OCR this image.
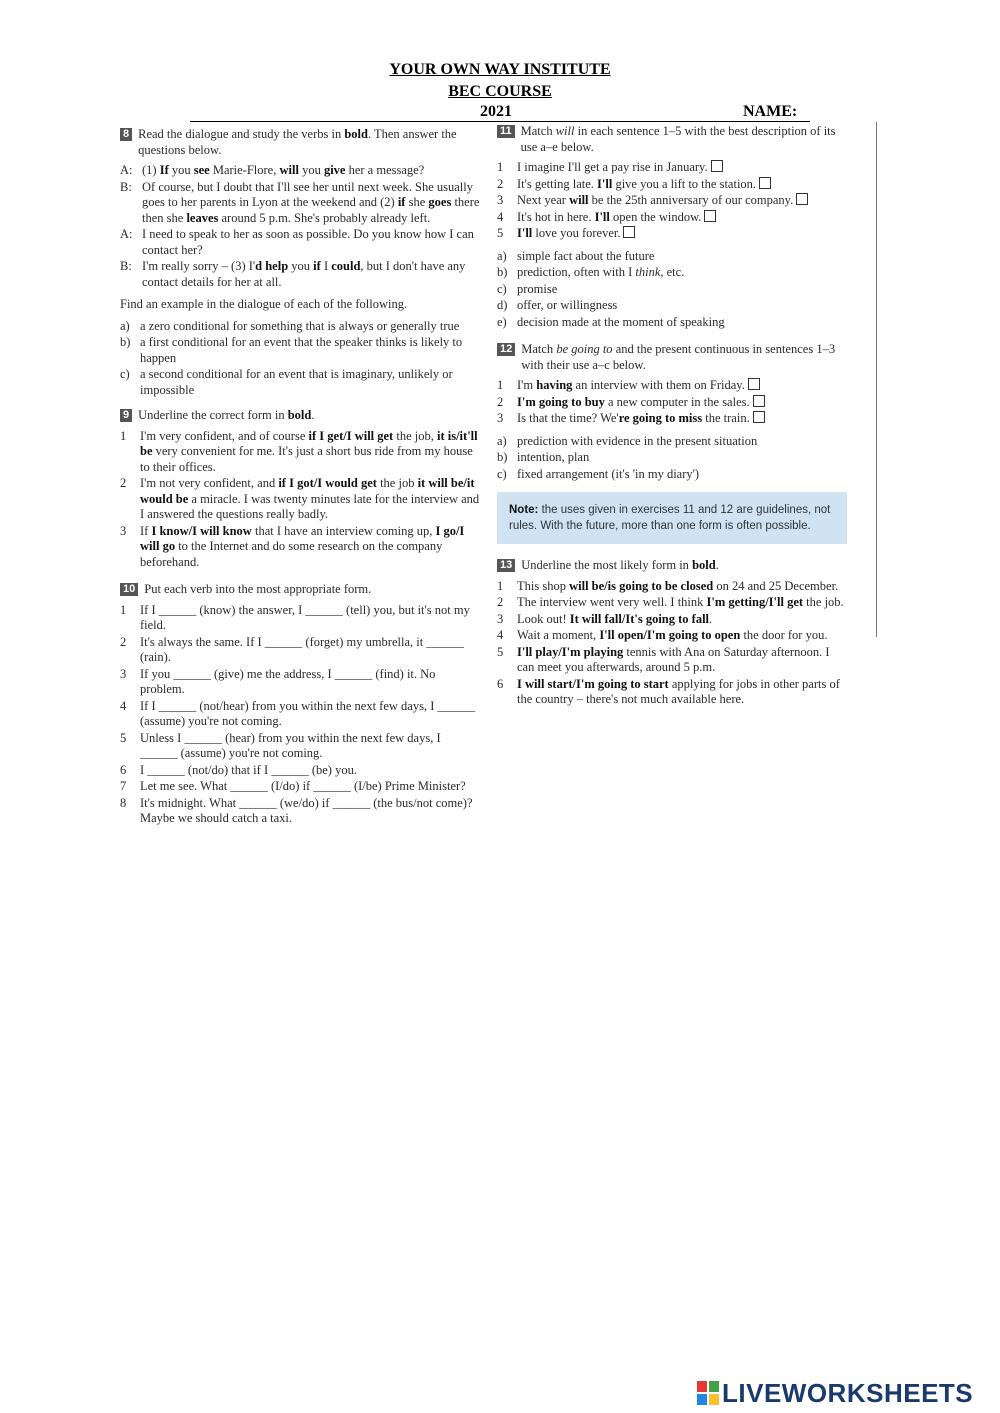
YOUR OWN WAY INSTITUTE
BEC COURSE
2021	NAME:
8 Read the dialogue and study the verbs in bold. Then answer the questions below.
A: (1) If you see Marie-Flore, will you give her a message?
B: Of course, but I doubt that I'll see her until next week. She usually goes to her parents in Lyon at the weekend and (2) if she goes there then she leaves around 5 p.m. She's probably already left.
A: I need to speak to her as soon as possible. Do you know how I can contact her?
B: I'm really sorry – (3) I'd help you if I could, but I don't have any contact details for her at all.
Find an example in the dialogue of each of the following.
a) a zero conditional for something that is always or generally true
b) a first conditional for an event that the speaker thinks is likely to happen
c) a second conditional for an event that is imaginary, unlikely or impossible
9 Underline the correct form in bold.
1	I'm very confident, and of course if I get/I will get the job, it is/it'll be very convenient for me. It's just a short bus ride from my house to their offices.
2	I'm not very confident, and if I got/I would get the job it will be/it would be a miracle. I was twenty minutes late for the interview and I answered the questions really badly.
3	If I know/I will know that I have an interview coming up, I go/I will go to the Internet and do some research on the company beforehand.
10 Put each verb into the most appropriate form.
1	If I ______ (know) the answer, I ______ (tell) you, but it's not my field.
2	It's always the same. If I ______ (forget) my umbrella, it ______ (rain).
3	If you ______ (give) me the address, I ______ (find) it. No problem.
4	If I ______ (not/hear) from you within the next few days, I ______ (assume) you're not coming.
5	Unless I ______ (hear) from you within the next few days, I ______ (assume) you're not coming.
6	I ______ (not/do) that if I ______ (be) you.
7	Let me see. What ______ (I/do) if ______ (I/be) Prime Minister?
8	It's midnight. What ______ (we/do) if ______ (the bus/not come)? Maybe we should catch a taxi.
11 Match will in each sentence 1–5 with the best description of its use a–e below.
1	I imagine I'll get a pay rise in January.
2	It's getting late. I'll give you a lift to the station.
3	Next year will be the 25th anniversary of our company.
4	It's hot in here. I'll open the window.
5	I'll love you forever.
a) simple fact about the future
b) prediction, often with I think, etc.
c) promise
d) offer, or willingness
e) decision made at the moment of speaking
12 Match be going to and the present continuous in sentences 1–3 with their use a–c below.
1	I'm having an interview with them on Friday.
2	I'm going to buy a new computer in the sales.
3	Is that the time? We're going to miss the train.
a) prediction with evidence in the present situation
b) intention, plan
c) fixed arrangement (it's 'in my diary')
Note: the uses given in exercises 11 and 12 are guidelines, not rules. With the future, more than one form is often possible.
13 Underline the most likely form in bold.
1	This shop will be/is going to be closed on 24 and 25 December.
2	The interview went very well. I think I'm getting/I'll get the job.
3	Look out! It will fall/It's going to fall.
4	Wait a moment, I'll open/I'm going to open the door for you.
5	I'll play/I'm playing tennis with Ana on Saturday afternoon. I can meet you afterwards, around 5 p.m.
6	I will start/I'm going to start applying for jobs in other parts of the country – there's not much available here.
LIVEWORKSHEETS
